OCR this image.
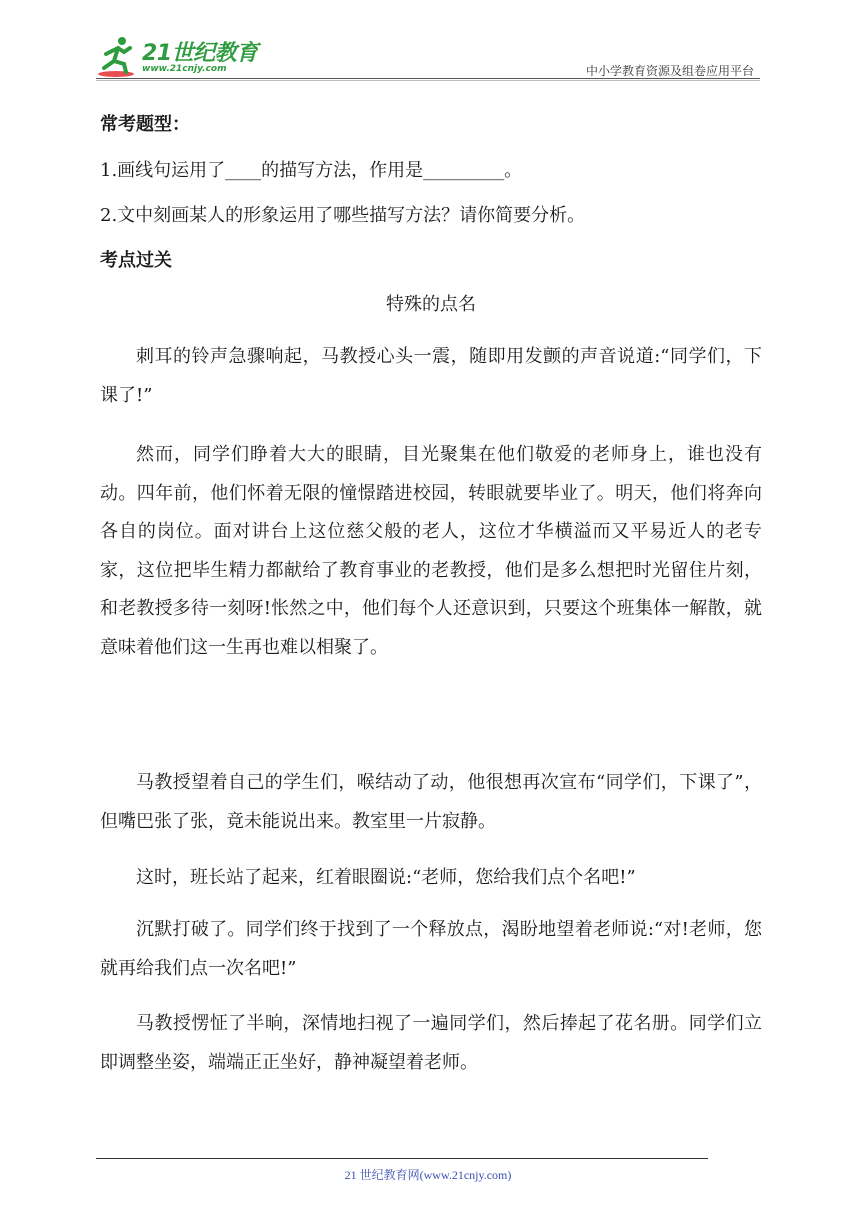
21世纪教育
www.21cnjy.com	中小学教育资源及组卷应用平台
常考题型：
1.画线句运用了____的描写方法，作用是_________。
2.文中刻画某人的形象运用了哪些描写方法？请你简要分析。
考点过关
特殊的点名
刺耳的铃声急骤响起，马教授心头一震，随即用发颤的声音说道:“同学们，下课了!”
然而，同学们睁着大大的眼睛，目光聚集在他们敬爱的老师身上，谁也没有动。四年前，他们怀着无限的憧憬踏进校园，转眼就要毕业了。明天，他们将奔向各自的岗位。面对讲台上这位慈父般的老人，这位才华横溢而又平易近人的老专家，这位把毕生精力都献给了教育事业的老教授，他们是多么想把时光留住片刻，和老教授多待一刻呀!怅然之中，他们每个人还意识到，只要这个班集体一解散，就意味着他们这一生再也难以相聚了。
马教授望着自己的学生们，喉结动了动，他很想再次宣布“同学们，下课了”，但嘴巴张了张，竟未能说出来。教室里一片寂静。
这时，班长站了起来，红着眼圈说:“老师，您给我们点个名吧!”
沉默打破了。同学们终于找到了一个释放点，渴盼地望着老师说:“对!老师，您就再给我们点一次名吧!”
马教授愣怔了半晌，深情地扫视了一遍同学们，然后捧起了花名册。同学们立即调整坐姿，端端正正坐好，静神凝望着老师。
21 世纪教育网(www.21cnjy.com)
